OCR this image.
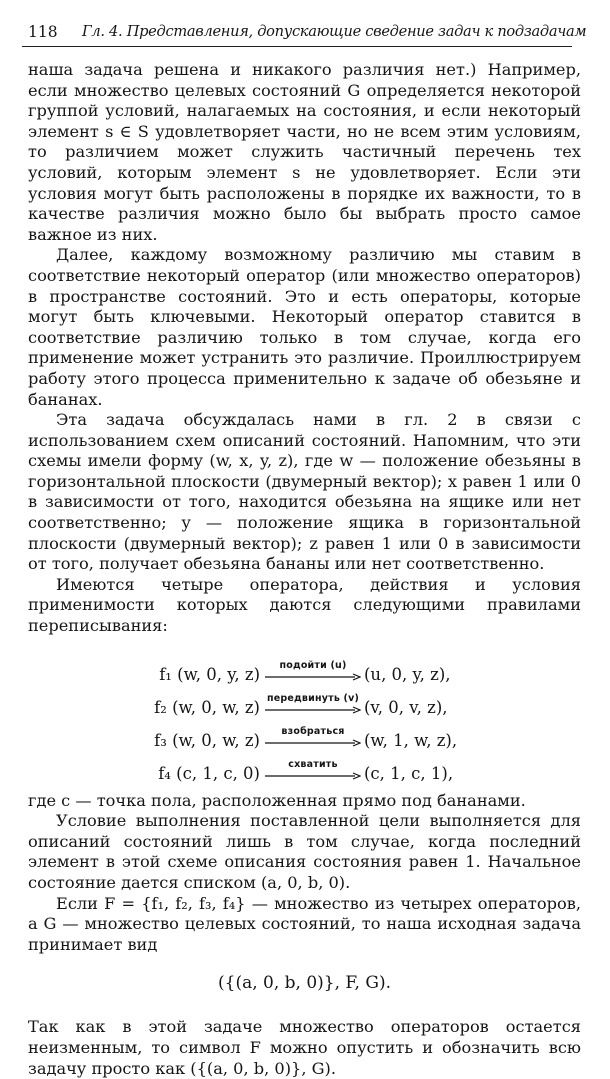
118 Гл. 4. Представления, допускающие сведение задач к подзадачам

наша задача решена и никакого различия нет.) Например, если множество целевых состояний G определяется некоторой группой условий, налагаемых на состояния, и если некоторый элемент s ∈ S удовлетворяет части, но не всем этим условиям, то различием может служить частичный перечень тех условий, которым элемент s не удовлетворяет. Если эти условия могут быть расположены в порядке их важности, то в качестве различия можно было бы выбрать просто самое важное из них.

Далее, каждому возможному различию мы ставим в соответствие некоторый оператор (или множество операторов) в пространстве состояний. Это и есть операторы, которые могут быть ключевыми. Некоторый оператор ставится в соответствие различию только в том случае, когда его применение может устранить это различие. Проиллюстрируем работу этого процесса применительно к задаче об обезьяне и бананах.

Эта задача обсуждалась нами в гл. 2 в связи с использованием схем описаний состояний. Напомним, что эти схемы имели форму (w, x, y, z), где w — положение обезьяны в горизонтальной плоскости (двумерный вектор); x равен 1 или 0 в зависимости от того, находится обезьяна на ящике или нет соответственно; y — положение ящика в горизонтальной плоскости (двумерный вектор); z равен 1 или 0 в зависимости от того, получает обезьяна бананы или нет соответственно.

Имеются четыре оператора, действия и условия применимости которых даются следующими правилами переписывания:

f₁ (w, 0, y, z)	подойти (u)	(u, 0, y, z),
f₂ (w, 0, w, z) передвинуть (v) (v, 0, v, z),
f₃ (w, 0, w, z)	взобраться	(w, 1, w, z),
f₄ (c, 1, c, 0)	схватить	(c, 1, c, 1),

где c — точка пола, расположенная прямо под бананами.

Условие выполнения поставленной цели выполняется для описаний состояний лишь в том случае, когда последний элемент в этой схеме описания состояния равен 1. Начальное состояние дается списком (a, 0, b, 0).

Если F = {f₁, f₂, f₃, f₄} — множество из четырех операторов, а G — множество целевых состояний, то наша исходная задача принимает вид

({(a, 0, b, 0)}, F, G).

Так как в этой задаче множество операторов остается неизменным, то символ F можно опустить и обозначить всю задачу просто как ({(a, 0, b, 0)}, G).
